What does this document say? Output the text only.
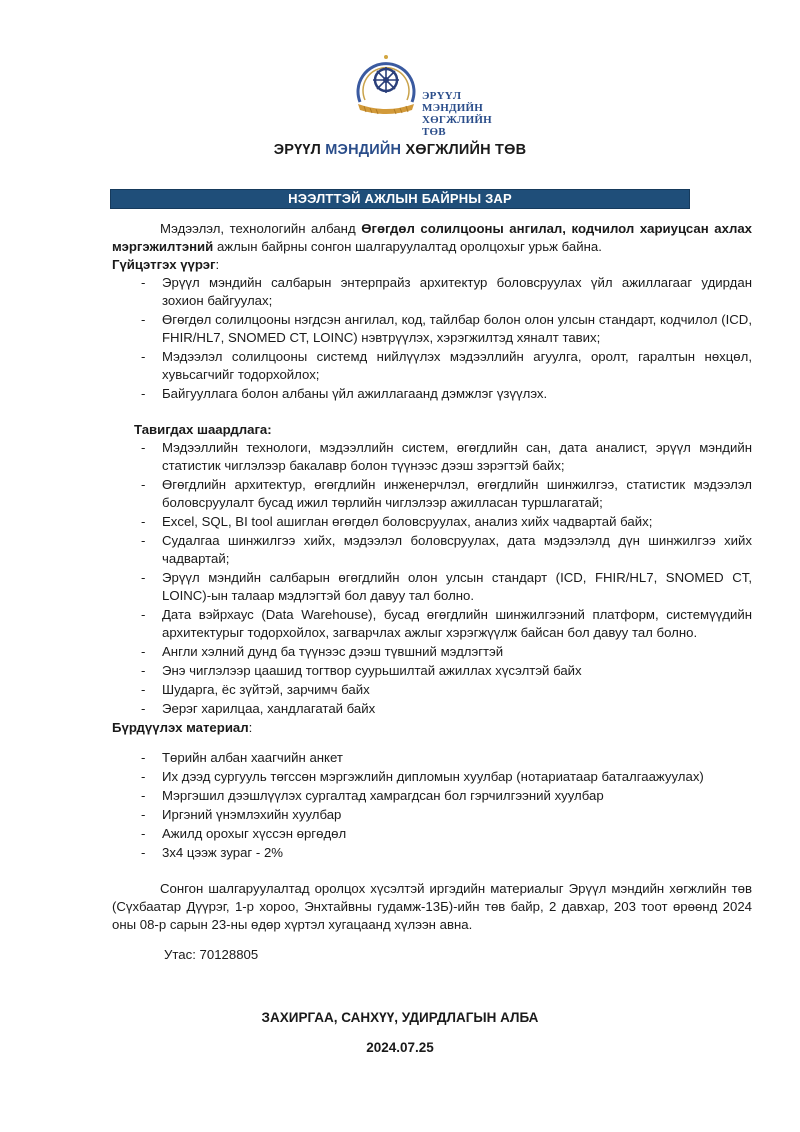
ЭРҮҮЛ МЭНДИЙН
ХӨГЖЛИЙН ТӨВ
ЭРҮҮЛ МЭНДИЙН ХӨГЖЛИЙН ТӨВ
НЭЭЛТТЭЙ АЖЛЫН БАЙРНЫ ЗАР

Мэдээлэл, технологийн албанд Өгөгдөл солилцооны ангилал, кодчилол хариуцсан ахлах мэргэжилтэний ажлын байрны сонгон шалгаруулалтад оролцохыг урьж байна.

Гүйцэтгэх үүрэг:

- Эрүүл мэндийн салбарын энтерпрайз архитектур боловсруулах үйл ажиллагааг удирдан зохион байгуулах;
- Өгөгдөл солилцооны нэгдсэн ангилал, код, тайлбар болон олон улсын стандарт, кодчилол (ICD, FHIR/HL7, SNOMED CT, LOINC) нэвтрүүлэх, хэрэгжилтэд хяналт тавих;
- Мэдээлэл солилцооны системд нийлүүлэх мэдээллийн агуулга, оролт, гаралтын нөхцөл, хувьсагчийг тодорхойлох;
- Байгууллага болон албаны үйл ажиллагаанд дэмжлэг үзүүлэх.

Тавигдах шаардлага:

- Мэдээллийн технологи, мэдээллийн систем, өгөгдлийн сан, дата аналист, эрүүл мэндийн статистик чиглэлээр бакалавр болон түүнээс дээш зэрэгтэй байх;
- Өгөгдлийн архитектур, өгөгдлийн инженерчлэл, өгөгдлийн шинжилгээ, статистик мэдээлэл боловсруулалт бусад ижил төрлийн чиглэлээр ажилласан туршлагатай;
- Excel, SQL, BI tool ашиглан өгөгдөл боловсруулах, анализ хийх чадвартай байх;
- Судалгаа шинжилгээ хийх, мэдээлэл боловсруулах, дата мэдээлэлд дүн шинжилгээ хийх чадвартай;
- Эрүүл мэндийн салбарын өгөгдлийн олон улсын стандарт (ICD, FHIR/HL7, SNOMED CT, LOINC)-ын талаар мэдлэгтэй бол давуу тал болно.
- Дата вэйрхаус (Data Warehouse), бусад өгөгдлийн шинжилгээний платформ, системүүдийн архитектурыг тодорхойлох, загварчлах ажлыг хэрэгжүүлж байсан бол давуу тал болно.
- Англи хэлний дунд ба түүнээс дээш түвшний мэдлэгтэй
- Энэ чиглэлээр цаашид тогтвор суурьшилтай ажиллах хүсэлтэй байх
- Шударга, ёс зүйтэй, зарчимч байх
- Эерэг харилцаа, хандлагатай байх

Бүрдүүлэх материал:

- Төрийн албан хаагчийн анкет
- Их дээд сургууль төгссөн мэргэжлийн дипломын хуулбар (нотариатаар баталгаажуулах)
- Мэргэшил дээшлүүлэх сургалтад хамрагдсан бол гэрчилгээний хуулбар
- Иргэний үнэмлэхийн хуулбар
- Ажилд орохыг хүссэн өргөдөл
- 3x4 цээж зураг - 2%

Сонгон шалгаруулалтад оролцох хүсэлтэй иргэдийн материалыг Эрүүл мэндийн хөгжлийн төв (Сүхбаатар Дүүрэг, 1-р хороо, Энхтайвны гудамж-13Б)-ийн төв байр, 2 давхар, 203 тоот өрөөнд 2024 оны 08-р сарын 23-ны өдөр хүртэл хугацаанд хүлээн авна.

Утас: 70128805

ЗАХИРГАА, САНХҮҮ, УДИРДЛАГЫН АЛБА
2024.07.25
